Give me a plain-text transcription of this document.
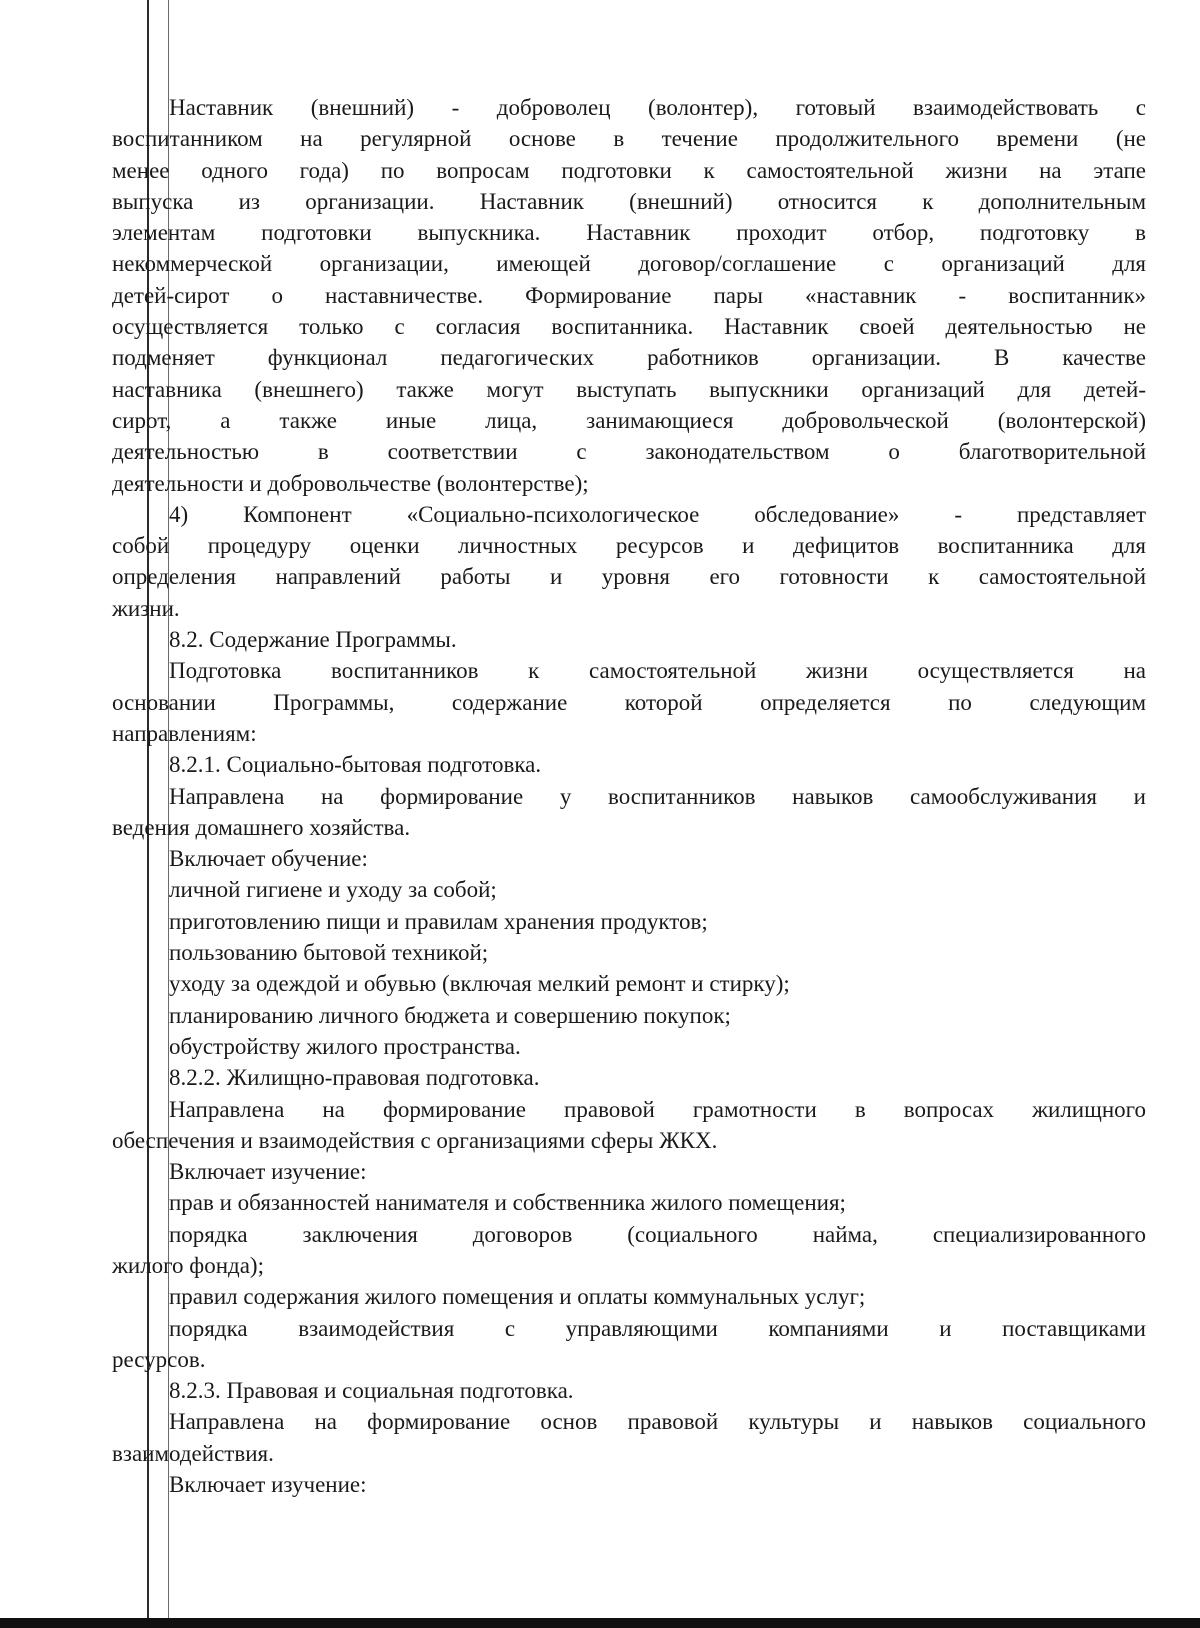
Наставник (внешний) - доброволец (волонтер), готовый взаимодействовать с
воспитанником на регулярной основе в течение продолжительного времени (не
менее одного года) по вопросам подготовки к самостоятельной жизни на этапе
выпуска из организации. Наставник (внешний) относится к дополнительным
элементам подготовки выпускника. Наставник проходит отбор, подготовку в
некоммерческой организации, имеющей договор/соглашение с организаций для
детей-сирот о наставничестве. Формирование пары «наставник - воспитанник»
осуществляется только с согласия воспитанника. Наставник своей деятельностью не
подменяет функционал педагогических работников организации. В качестве
наставника (внешнего) также могут выступать выпускники организаций для детей-
сирот, а также иные лица, занимающиеся добровольческой (волонтерской)
деятельностью в соответствии с законодательством о благотворительной
деятельности и добровольчестве (волонтерстве);
4) Компонент «Социально-психологическое обследование» - представляет
собой процедуру оценки личностных ресурсов и дефицитов воспитанника для
определения направлений работы и уровня его готовности к самостоятельной
жизни.
8.2. Содержание Программы.
Подготовка воспитанников к самостоятельной жизни осуществляется на
основании Программы, содержание которой определяется по следующим
направлениям:
8.2.1. Социально-бытовая подготовка.
Направлена на формирование у воспитанников навыков самообслуживания и
ведения домашнего хозяйства.
Включает обучение:
личной гигиене и уходу за собой;
приготовлению пищи и правилам хранения продуктов;
пользованию бытовой техникой;
уходу за одеждой и обувью (включая мелкий ремонт и стирку);
планированию личного бюджета и совершению покупок;
обустройству жилого пространства.
8.2.2. Жилищно-правовая подготовка.
Направлена на формирование правовой грамотности в вопросах жилищного
обеспечения и взаимодействия с организациями сферы ЖКХ.
Включает изучение:
прав и обязанностей нанимателя и собственника жилого помещения;
порядка заключения договоров (социального найма, специализированного
жилого фонда);
правил содержания жилого помещения и оплаты коммунальных услуг;
порядка взаимодействия с управляющими компаниями и поставщиками
ресурсов.
8.2.3. Правовая и социальная подготовка.
Направлена на формирование основ правовой культуры и навыков социального
взаимодействия.
Включает изучение:
